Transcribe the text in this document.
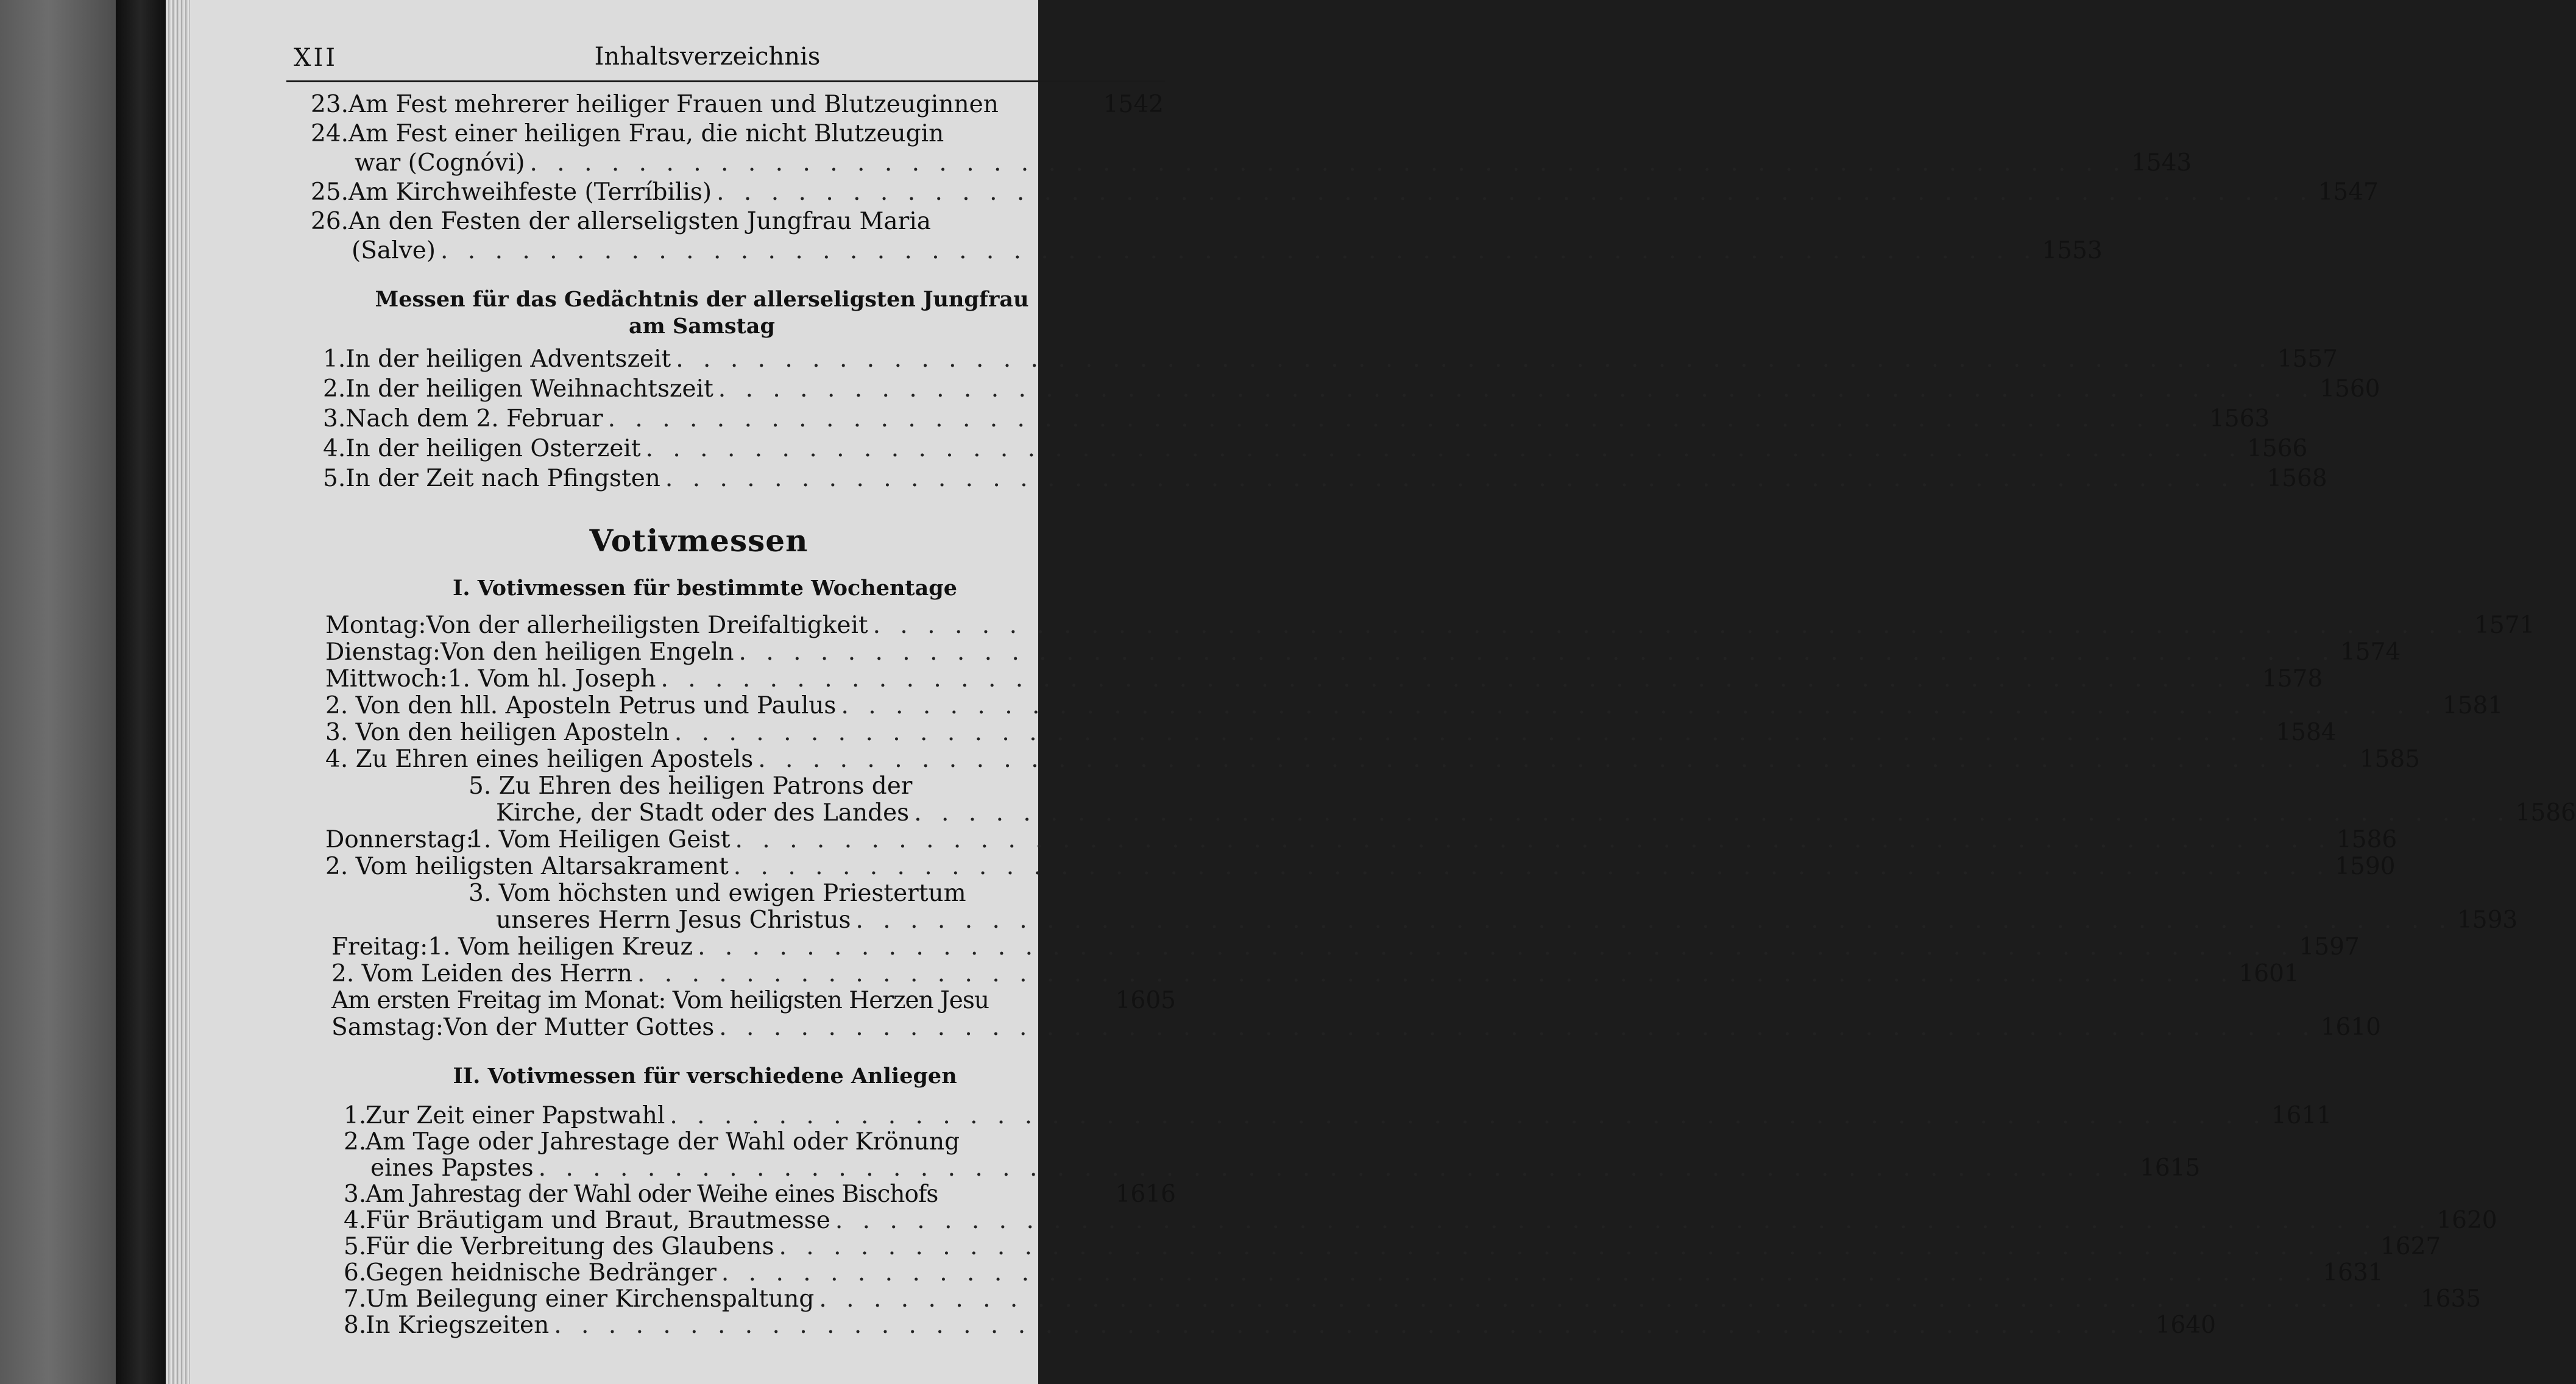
XII	Inhaltsverzeichnis
23. Am Fest mehrerer heiliger Frauen und Blutzeuginnen	1542
24. Am Fest einer heiligen Frau, die nicht Blutzeugin
war (Cognóvi) . . .	1543
25. Am Kirchweihfeste (Terríbilis) . . .	1547
26. An den Festen der allerseligsten Jungfrau Maria
(Salve) . . .	1553
Messen für das Gedächtnis der allerseligsten Jungfrau
am Samstag
1. In der heiligen Adventszeit . . .	1557
2. In der heiligen Weihnachtszeit . . .	1560
3. Nach dem 2. Februar . . .	1563
4. In der heiligen Osterzeit . . .	1566
5. In der Zeit nach Pfingsten . . .	1568
Votivmessen
I. Votivmessen für bestimmte Wochentage
Montag: Von der allerheiligsten Dreifaltigkeit . . .	1571
Dienstag: Von den heiligen Engeln . . .	1574
Mittwoch: 1. Vom hl. Joseph . . .	1578
2. Von den hll. Aposteln Petrus und Paulus . . .	1581
3. Von den heiligen Aposteln . . .	1584
4. Zu Ehren eines heiligen Apostels . . .	1585
5. Zu Ehren des heiligen Patrons der
Kirche, der Stadt oder des Landes . . .	1586
Donnerstag:
1. Vom Heiligen Geist . . .	1586
2. Vom heiligsten Altarsakrament . . .	1590
3. Vom höchsten und ewigen Priestertum
unseres Herrn Jesus Christus . . .	1593
Freitag: 1. Vom heiligen Kreuz . . .	1597
2. Vom Leiden des Herrn . . .	1601
Am ersten Freitag im Monat: Vom heiligsten Herzen Jesu	1605
Samstag: Von der Mutter Gottes . . .	1610
II. Votivmessen für verschiedene Anliegen
1.
Zur Zeit einer Papstwahl . . .	1611
2.
Am Tage oder Jahrestage der Wahl oder Krönung
eines Papstes . . .	1615
3.
Am Jahrestag der Wahl oder Weihe eines Bischofs	1616
4.
Für Bräutigam und Braut, Brautmesse . . .	1620
5.
Für die Verbreitung des Glaubens . . .	1627
6.
Gegen heidnische Bedränger . . .	1631
7.
Um Beilegung einer Kirchenspaltung . . .	1635
8.
In Kriegszeiten . . .	1640
